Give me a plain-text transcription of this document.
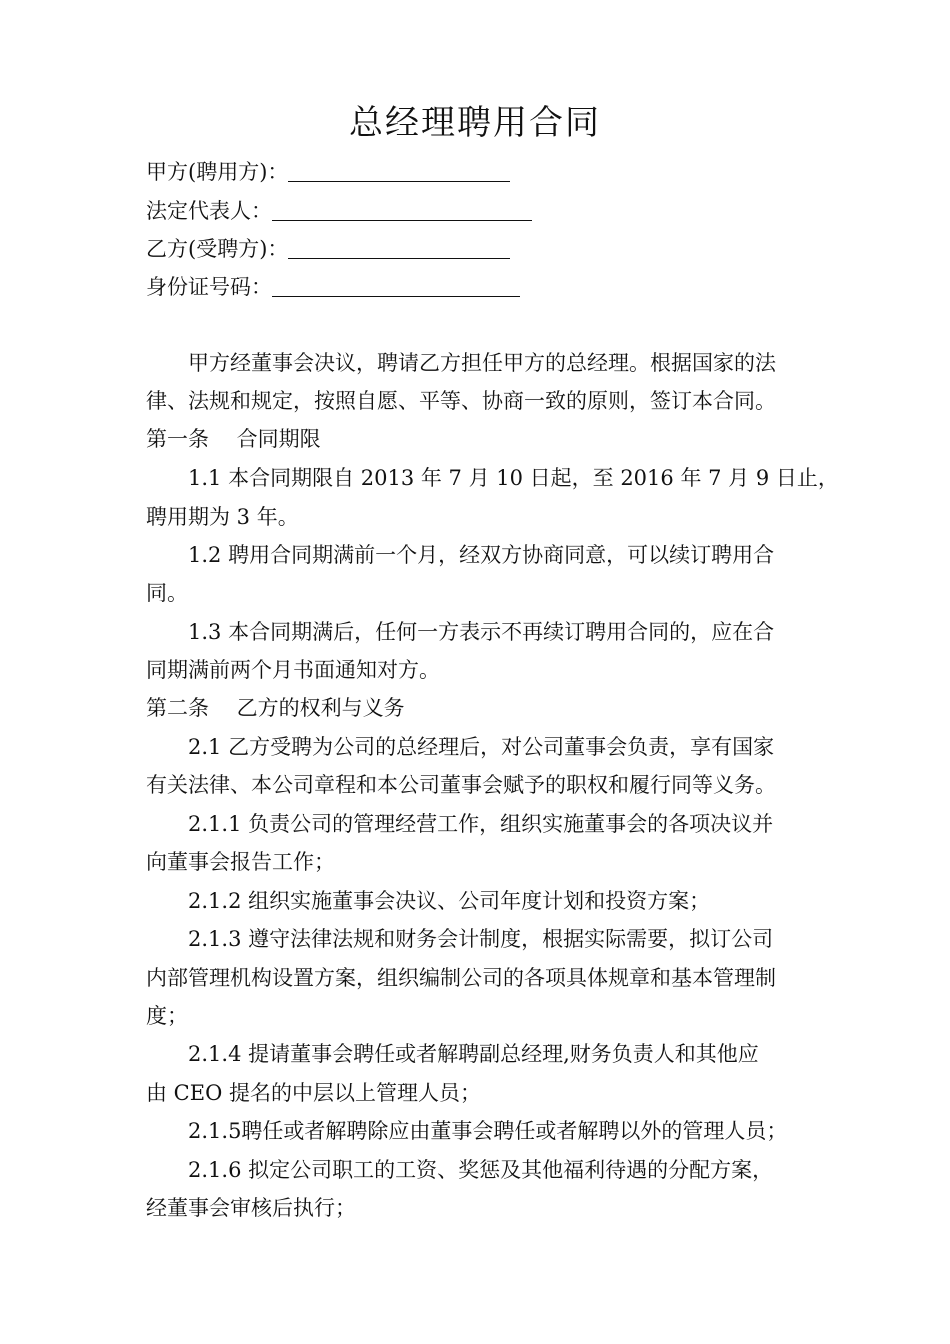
总经理聘用合同
甲方(聘用方)：
法定代表人：
乙方(受聘方)：
身份证号码：
甲方经董事会决议，聘请乙方担任甲方的总经理。根据国家的法
律、法规和规定，按照自愿、平等、协商一致的原则，签订本合同。
第一条　 合同期限
1.1 本合同期限自 2013 年 7 月 10 日起，至 2016 年 7 月 9 日止，
聘用期为 3 年。
1.2 聘用合同期满前一个月，经双方协商同意，可以续订聘用合
同。
1.3 本合同期满后，任何一方表示不再续订聘用合同的，应在合
同期满前两个月书面通知对方。
第二条　 乙方的权利与义务
2.1 乙方受聘为公司的总经理后，对公司董事会负责，享有国家
有关法律、本公司章程和本公司董事会赋予的职权和履行同等义务。
2.1.1 负责公司的管理经营工作，组织实施董事会的各项决议并
向董事会报告工作；
2.1.2 组织实施董事会决议、公司年度计划和投资方案；
2.1.3 遵守法律法规和财务会计制度，根据实际需要，拟订公司
内部管理机构设置方案，组织编制公司的各项具体规章和基本管理制
度；
2.1.4 提请董事会聘任或者解聘副总经理,财务负责人和其他应
由 CEO 提名的中层以上管理人员；
2.1.5聘任或者解聘除应由董事会聘任或者解聘以外的管理人员；
2.1.6 拟定公司职工的工资、奖惩及其他福利待遇的分配方案，
经董事会审核后执行；
